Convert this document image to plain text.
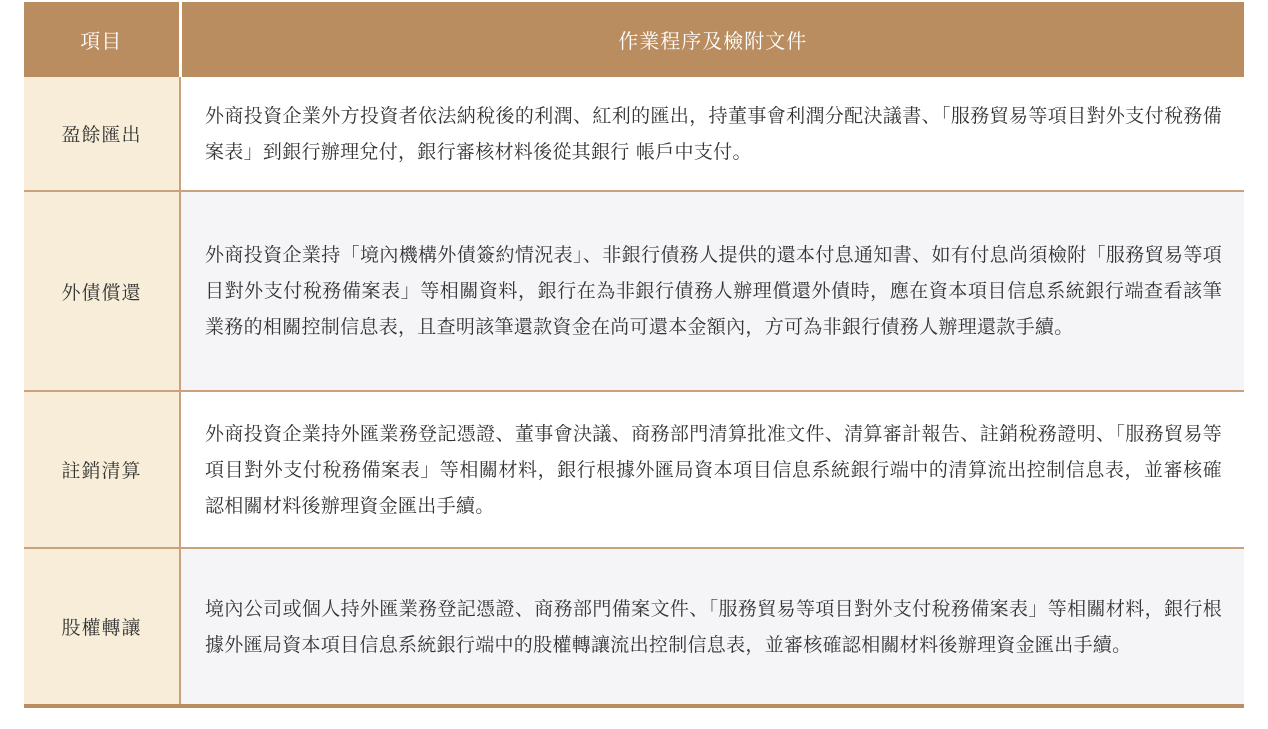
項目	作業程序及檢附文件
盈餘匯出	外商投資企業外方投資者依法納稅後的利潤、紅利的匯出，持董事會利潤分配決議書、「服務貿易等項目對外支付稅務備案表」到銀行辦理兌付，銀行審核材料後從其銀行 帳戶中支付。
外債償還	外商投資企業持「境內機構外債簽約情況表」、非銀行債務人提供的還本付息通知書、如有付息尚須檢附「服務貿易等項目對外支付稅務備案表」等相關資料，銀行在為非銀行債務人辦理償還外債時，應在資本項目信息系統銀行端查看該筆業務的相關控制信息表，且查明該筆還款資金在尚可還本金額內，方可為非銀行債務人辦理還款手續。
註銷清算	外商投資企業持外匯業務登記憑證、董事會決議、商務部門清算批准文件、清算審計報告、註銷稅務證明、「服務貿易等項目對外支付稅務備案表」等相關材料，銀行根據外匯局資本項目信息系統銀行端中的清算流出控制信息表，並審核確認相關材料後辦理資金匯出手續。
股權轉讓	境內公司或個人持外匯業務登記憑證、商務部門備案文件、「服務貿易等項目對外支付稅務備案表」等相關材料，銀行根據外匯局資本項目信息系統銀行端中的股權轉讓流出控制信息表，並審核確認相關材料後辦理資金匯出手續。
